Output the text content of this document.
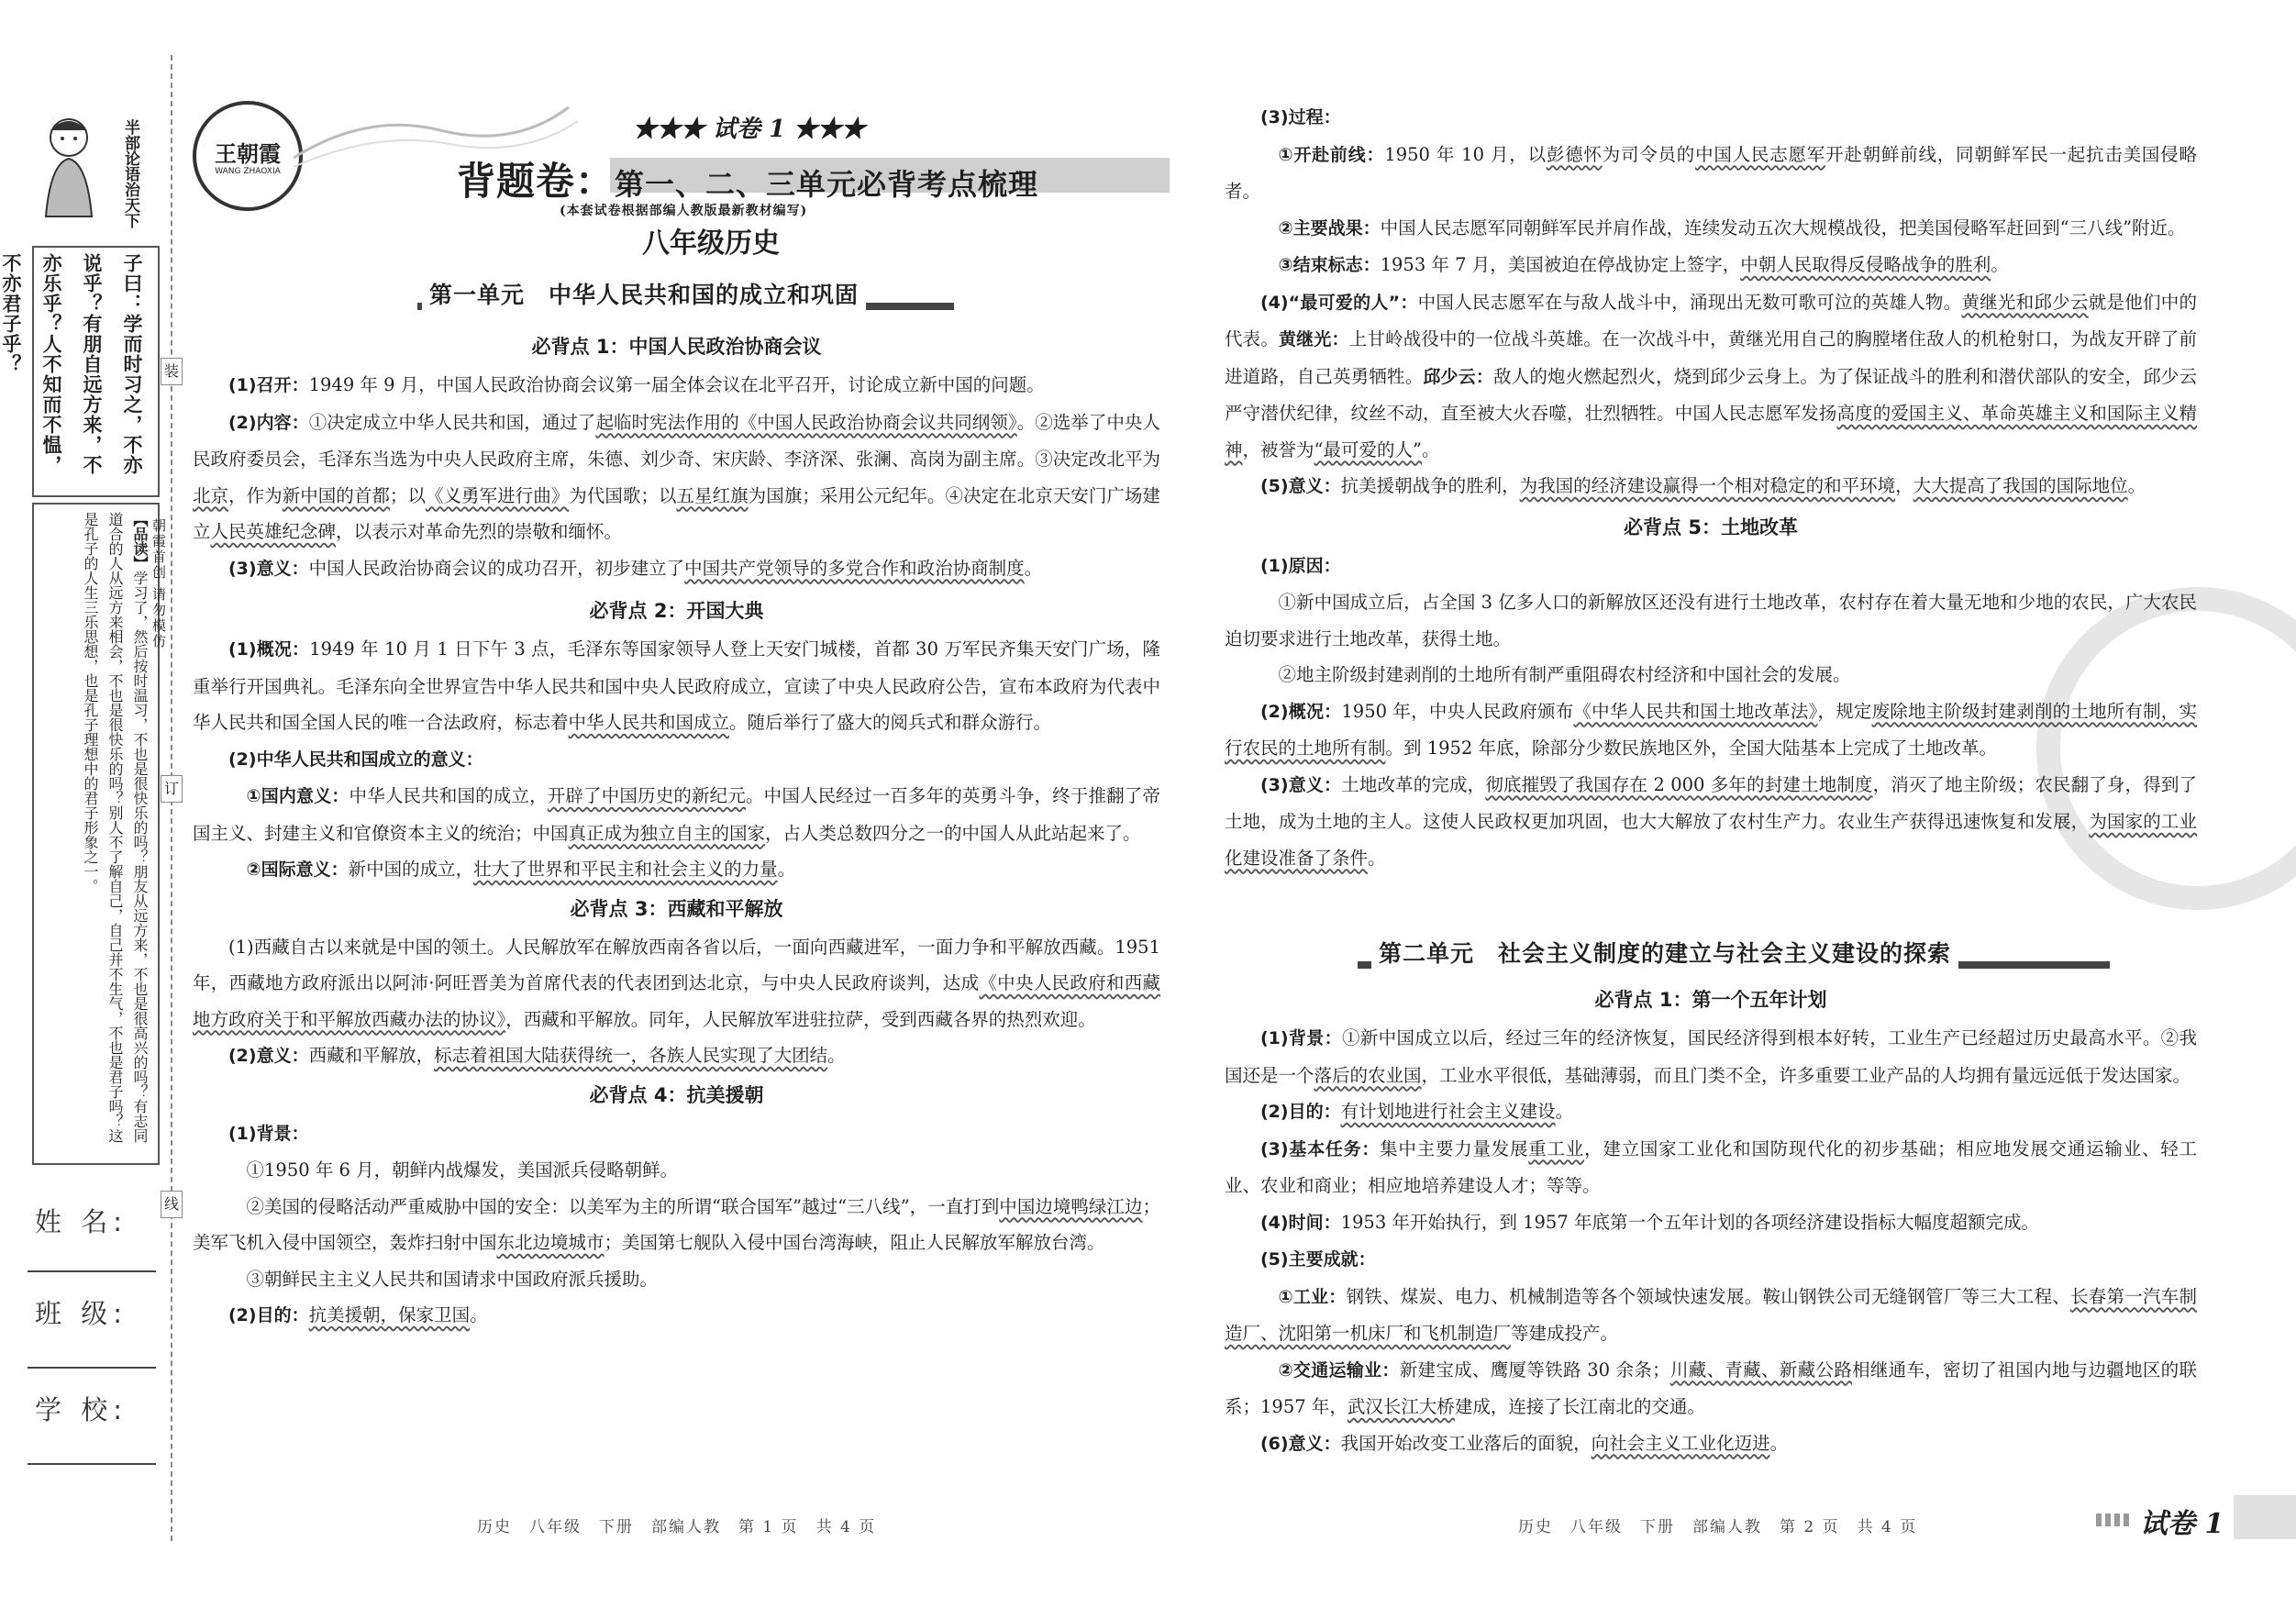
半部论语治天下
子曰：学而时习之，不亦说乎？有朋自远方来，不亦乐乎？人不知而不愠，不亦君子乎？
【品读】学习了，然后按时温习，不也是很快乐的吗？朋友从远方来，不也是很高兴的吗？有志同道合的人从远方来相会，不也是很快乐的吗？别人不了解自己，自己并不生气，不也是君子吗？这是孔子的人生三乐思想，也是孔子理想中的君子形象之一。	朝霞首创 请勿模仿
姓 名:
班 级:
学 校:
装
订
线
王朝霞
WANG ZHAOXIA
★★★ 试卷 1 ★★★
背题卷：第一、二、三单元必背考点梳理
(本套试卷根据部编人教版最新教材编写)
八年级历史
第一单元　中华人民共和国的成立和巩固
必背点 1：中国人民政治协商会议

(1)召开：1949 年 9 月，中国人民政治协商会议第一届全体会议在北平召开，讨论成立新中国的问题。

(2)内容：①决定成立中华人民共和国，通过了起临时宪法作用的《中国人民政治协商会议共同纲领》。②选举了中央人民政府委员会，毛泽东当选为中央人民政府主席，朱德、刘少奇、宋庆龄、李济深、张澜、高岗为副主席。③决定改北平为北京，作为新中国的首都；以《义勇军进行曲》为代国歌；以五星红旗为国旗；采用公元纪年。④决定在北京天安门广场建立人民英雄纪念碑，以表示对革命先烈的崇敬和缅怀。

(3)意义：中国人民政治协商会议的成功召开，初步建立了中国共产党领导的多党合作和政治协商制度。

必背点 2：开国大典

(1)概况：1949 年 10 月 1 日下午 3 点，毛泽东等国家领导人登上天安门城楼，首都 30 万军民齐集天安门广场，隆重举行开国典礼。毛泽东向全世界宣告中华人民共和国中央人民政府成立，宣读了中央人民政府公告，宣布本政府为代表中华人民共和国全国人民的唯一合法政府，标志着中华人民共和国成立。随后举行了盛大的阅兵式和群众游行。

(2)中华人民共和国成立的意义：

①国内意义：中华人民共和国的成立，开辟了中国历史的新纪元。中国人民经过一百多年的英勇斗争，终于推翻了帝国主义、封建主义和官僚资本主义的统治；中国真正成为独立自主的国家，占人类总数四分之一的中国人从此站起来了。

②国际意义：新中国的成立，壮大了世界和平民主和社会主义的力量。

必背点 3：西藏和平解放

(1)西藏自古以来就是中国的领土。人民解放军在解放西南各省以后，一面向西藏进军，一面力争和平解放西藏。1951 年，西藏地方政府派出以阿沛·阿旺晋美为首席代表的代表团到达北京，与中央人民政府谈判，达成《中央人民政府和西藏地方政府关于和平解放西藏办法的协议》，西藏和平解放。同年，人民解放军进驻拉萨，受到西藏各界的热烈欢迎。

(2)意义：西藏和平解放，标志着祖国大陆获得统一，各族人民实现了大团结。

必背点 4：抗美援朝

(1)背景：

①1950 年 6 月，朝鲜内战爆发，美国派兵侵略朝鲜。

②美国的侵略活动严重威胁中国的安全：以美军为主的所谓“联合国军”越过“三八线”，一直打到中国边境鸭绿江边；美军飞机入侵中国领空，轰炸扫射中国东北边境城市；美国第七舰队入侵中国台湾海峡，阻止人民解放军解放台湾。

③朝鲜民主主义人民共和国请求中国政府派兵援助。

(2)目的：抗美援朝，保家卫国。

(3)过程：

①开赴前线：1950 年 10 月，以彭德怀为司令员的中国人民志愿军开赴朝鲜前线，同朝鲜军民一起抗击美国侵略者。

②主要战果：中国人民志愿军同朝鲜军民并肩作战，连续发动五次大规模战役，把美国侵略军赶回到“三八线”附近。

③结束标志：1953 年 7 月，美国被迫在停战协定上签字，中朝人民取得反侵略战争的胜利。

(4)“最可爱的人”：中国人民志愿军在与敌人战斗中，涌现出无数可歌可泣的英雄人物。黄继光和邱少云就是他们中的代表。黄继光：上甘岭战役中的一位战斗英雄。在一次战斗中，黄继光用自己的胸膛堵住敌人的机枪射口，为战友开辟了前进道路，自己英勇牺牲。邱少云：敌人的炮火燃起烈火，烧到邱少云身上。为了保证战斗的胜利和潜伏部队的安全，邱少云严守潜伏纪律，纹丝不动，直至被大火吞噬，壮烈牺牲。中国人民志愿军发扬高度的爱国主义、革命英雄主义和国际主义精神，被誉为“最可爱的人”。

(5)意义：抗美援朝战争的胜利，为我国的经济建设赢得一个相对稳定的和平环境，大大提高了我国的国际地位。

必背点 5：土地改革

(1)原因：

①新中国成立后，占全国 3 亿多人口的新解放区还没有进行土地改革，农村存在着大量无地和少地的农民，广大农民迫切要求进行土地改革，获得土地。

②地主阶级封建剥削的土地所有制严重阻碍农村经济和中国社会的发展。

(2)概况：1950 年，中央人民政府颁布《中华人民共和国土地改革法》，规定废除地主阶级封建剥削的土地所有制，实行农民的土地所有制。到 1952 年底，除部分少数民族地区外，全国大陆基本上完成了土地改革。

(3)意义：土地改革的完成，彻底摧毁了我国存在 2 000 多年的封建土地制度，消灭了地主阶级；农民翻了身，得到了土地，成为土地的主人。这使人民政权更加巩固，也大大解放了农村生产力。农业生产获得迅速恢复和发展，为国家的工业化建设准备了条件。

第二单元　社会主义制度的建立与社会主义建设的探索
必背点 1：第一个五年计划

(1)背景：①新中国成立以后，经过三年的经济恢复，国民经济得到根本好转，工业生产已经超过历史最高水平。②我国还是一个落后的农业国，工业水平很低，基础薄弱，而且门类不全，许多重要工业产品的人均拥有量远远低于发达国家。

(2)目的：有计划地进行社会主义建设。

(3)基本任务：集中主要力量发展重工业，建立国家工业化和国防现代化的初步基础；相应地发展交通运输业、轻工业、农业和商业；相应地培养建设人才；等等。

(4)时间：1953 年开始执行，到 1957 年底第一个五年计划的各项经济建设指标大幅度超额完成。

(5)主要成就：

①工业：钢铁、煤炭、电力、机械制造等各个领域快速发展。鞍山钢铁公司无缝钢管厂等三大工程、长春第一汽车制造厂、沈阳第一机床厂和飞机制造厂等建成投产。

②交通运输业：新建宝成、鹰厦等铁路 30 余条；川藏、青藏、新藏公路相继通车，密切了祖国内地与边疆地区的联系；1957 年，武汉长江大桥建成，连接了长江南北的交通。

(6)意义：我国开始改变工业落后的面貌，向社会主义工业化迈进。

历史　八年级　下册　部编人教　第 1 页　共 4 页	历史　八年级　下册　部编人教　第 2 页　共 4 页	试卷 1
